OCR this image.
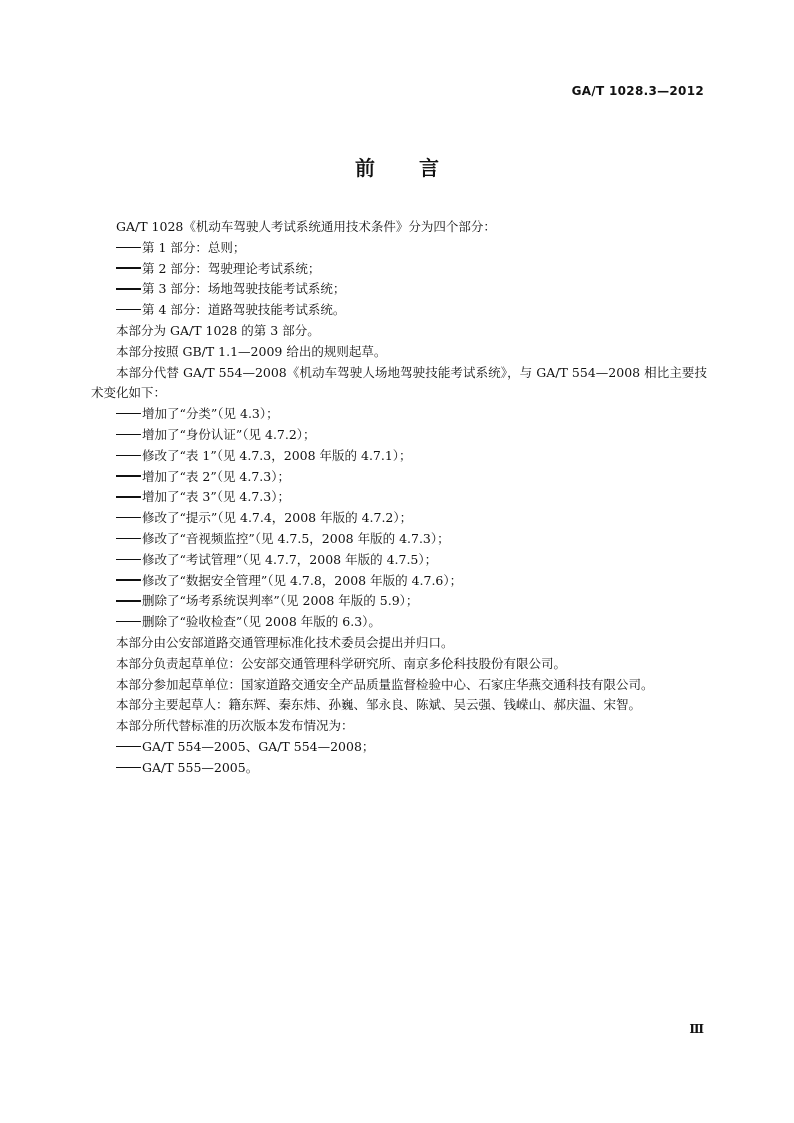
GA/T 1028.3—2012
前言

GA/T 1028《机动车驾驶人考试系统通用技术条件》分为四个部分：

第 1 部分：总则；

第 2 部分：驾驶理论考试系统；

第 3 部分：场地驾驶技能考试系统；

第 4 部分：道路驾驶技能考试系统。

本部分为 GA/T 1028 的第 3 部分。

本部分按照 GB/T 1.1—2009 给出的规则起草。

本部分代替 GA/T 554—2008《机动车驾驶人场地驾驶技能考试系统》，与 GA/T 554—2008 相比主要技术变化如下：

增加了“分类”（见 4.3）；

增加了“身份认证”（见 4.7.2）；

修改了“表 1”（见 4.7.3，2008 年版的 4.7.1）；

增加了“表 2”（见 4.7.3）；

增加了“表 3”（见 4.7.3）；

修改了“提示”（见 4.7.4，2008 年版的 4.7.2）；

修改了“音视频监控”（见 4.7.5，2008 年版的 4.7.3）；

修改了“考试管理”（见 4.7.7，2008 年版的 4.7.5）；

修改了“数据安全管理”（见 4.7.8，2008 年版的 4.7.6）；

删除了“场考系统误判率”（见 2008 年版的 5.9）；

删除了“验收检查”（见 2008 年版的 6.3）。

本部分由公安部道路交通管理标准化技术委员会提出并归口。

本部分负责起草单位：公安部交通管理科学研究所、南京多伦科技股份有限公司。

本部分参加起草单位：国家道路交通安全产品质量监督检验中心、石家庄华燕交通科技有限公司。

本部分主要起草人：籍东辉、秦东炜、孙巍、邹永良、陈斌、吴云强、钱嵘山、郝庆温、宋智。

本部分所代替标准的历次版本发布情况为：

GA/T 554—2005、GA/T 554—2008；

GA/T 555—2005。

Ⅲ
